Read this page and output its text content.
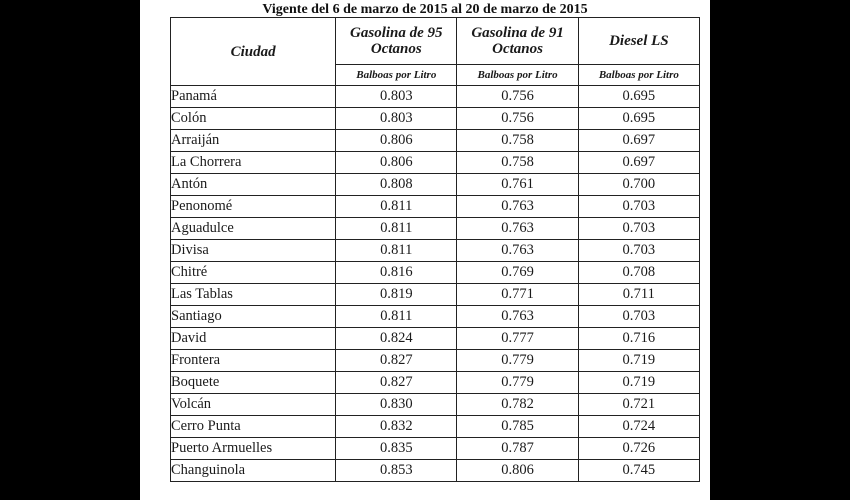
Vigente del 6 de marzo de 2015 al 20 de marzo de 2015
Ciudad	Gasolina de 95 Octanos	Gasolina de 91 Octanos	Diesel LS
	Balboas por Litro	Balboas por Litro	Balboas por Litro
Panamá	0.803	0.756	0.695
Colón	0.803	0.756	0.695
Arraiján	0.806	0.758	0.697
La Chorrera	0.806	0.758	0.697
Antón	0.808	0.761	0.700
Penonomé	0.811	0.763	0.703
Aguadulce	0.811	0.763	0.703
Divisa	0.811	0.763	0.703
Chitré	0.816	0.769	0.708
Las Tablas	0.819	0.771	0.711
Santiago	0.811	0.763	0.703
David	0.824	0.777	0.716
Frontera	0.827	0.779	0.719
Boquete	0.827	0.779	0.719
Volcán	0.830	0.782	0.721
Cerro Punta	0.832	0.785	0.724
Puerto Armuelles	0.835	0.787	0.726
Changuinola	0.853	0.806	0.745
